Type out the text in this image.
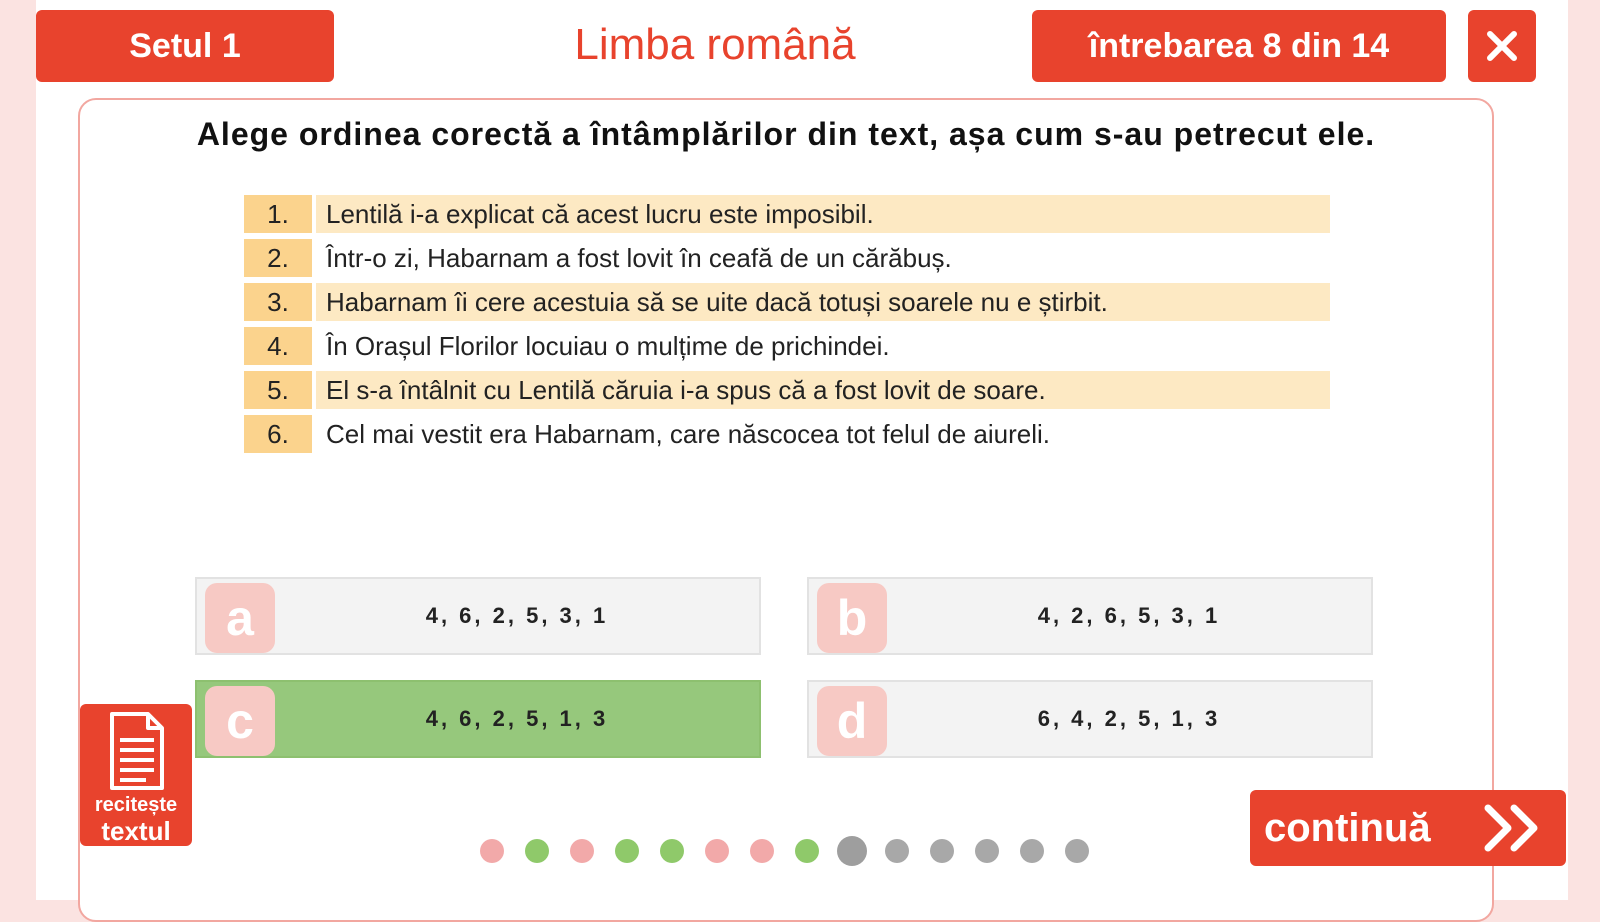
Setul 1	Limba română	întrebarea 8 din 14
Alege ordinea corectă a întâmplărilor din text, așa cum s-au petrecut ele.
1.	Lentilă i-a explicat că acest lucru este imposibil.
2.	Într-o zi, Habarnam a fost lovit în ceafă de un cărăbuș.
3.	Habarnam îi cere acestuia să se uite dacă totuși soarele nu e știrbit.
4.	În Orașul Florilor locuiau o mulțime de prichindei.
5.	El s-a întâlnit cu Lentilă căruia i-a spus că a fost lovit de soare.
6.	Cel mai vestit era Habarnam, care născocea tot felul de aiureli.
a	4, 6, 2, 5, 3, 1	b	4, 2, 6, 5, 3, 1
c	4, 6, 2, 5, 1, 3	d	6, 4, 2, 5, 1, 3
recitește
textul	continuă
